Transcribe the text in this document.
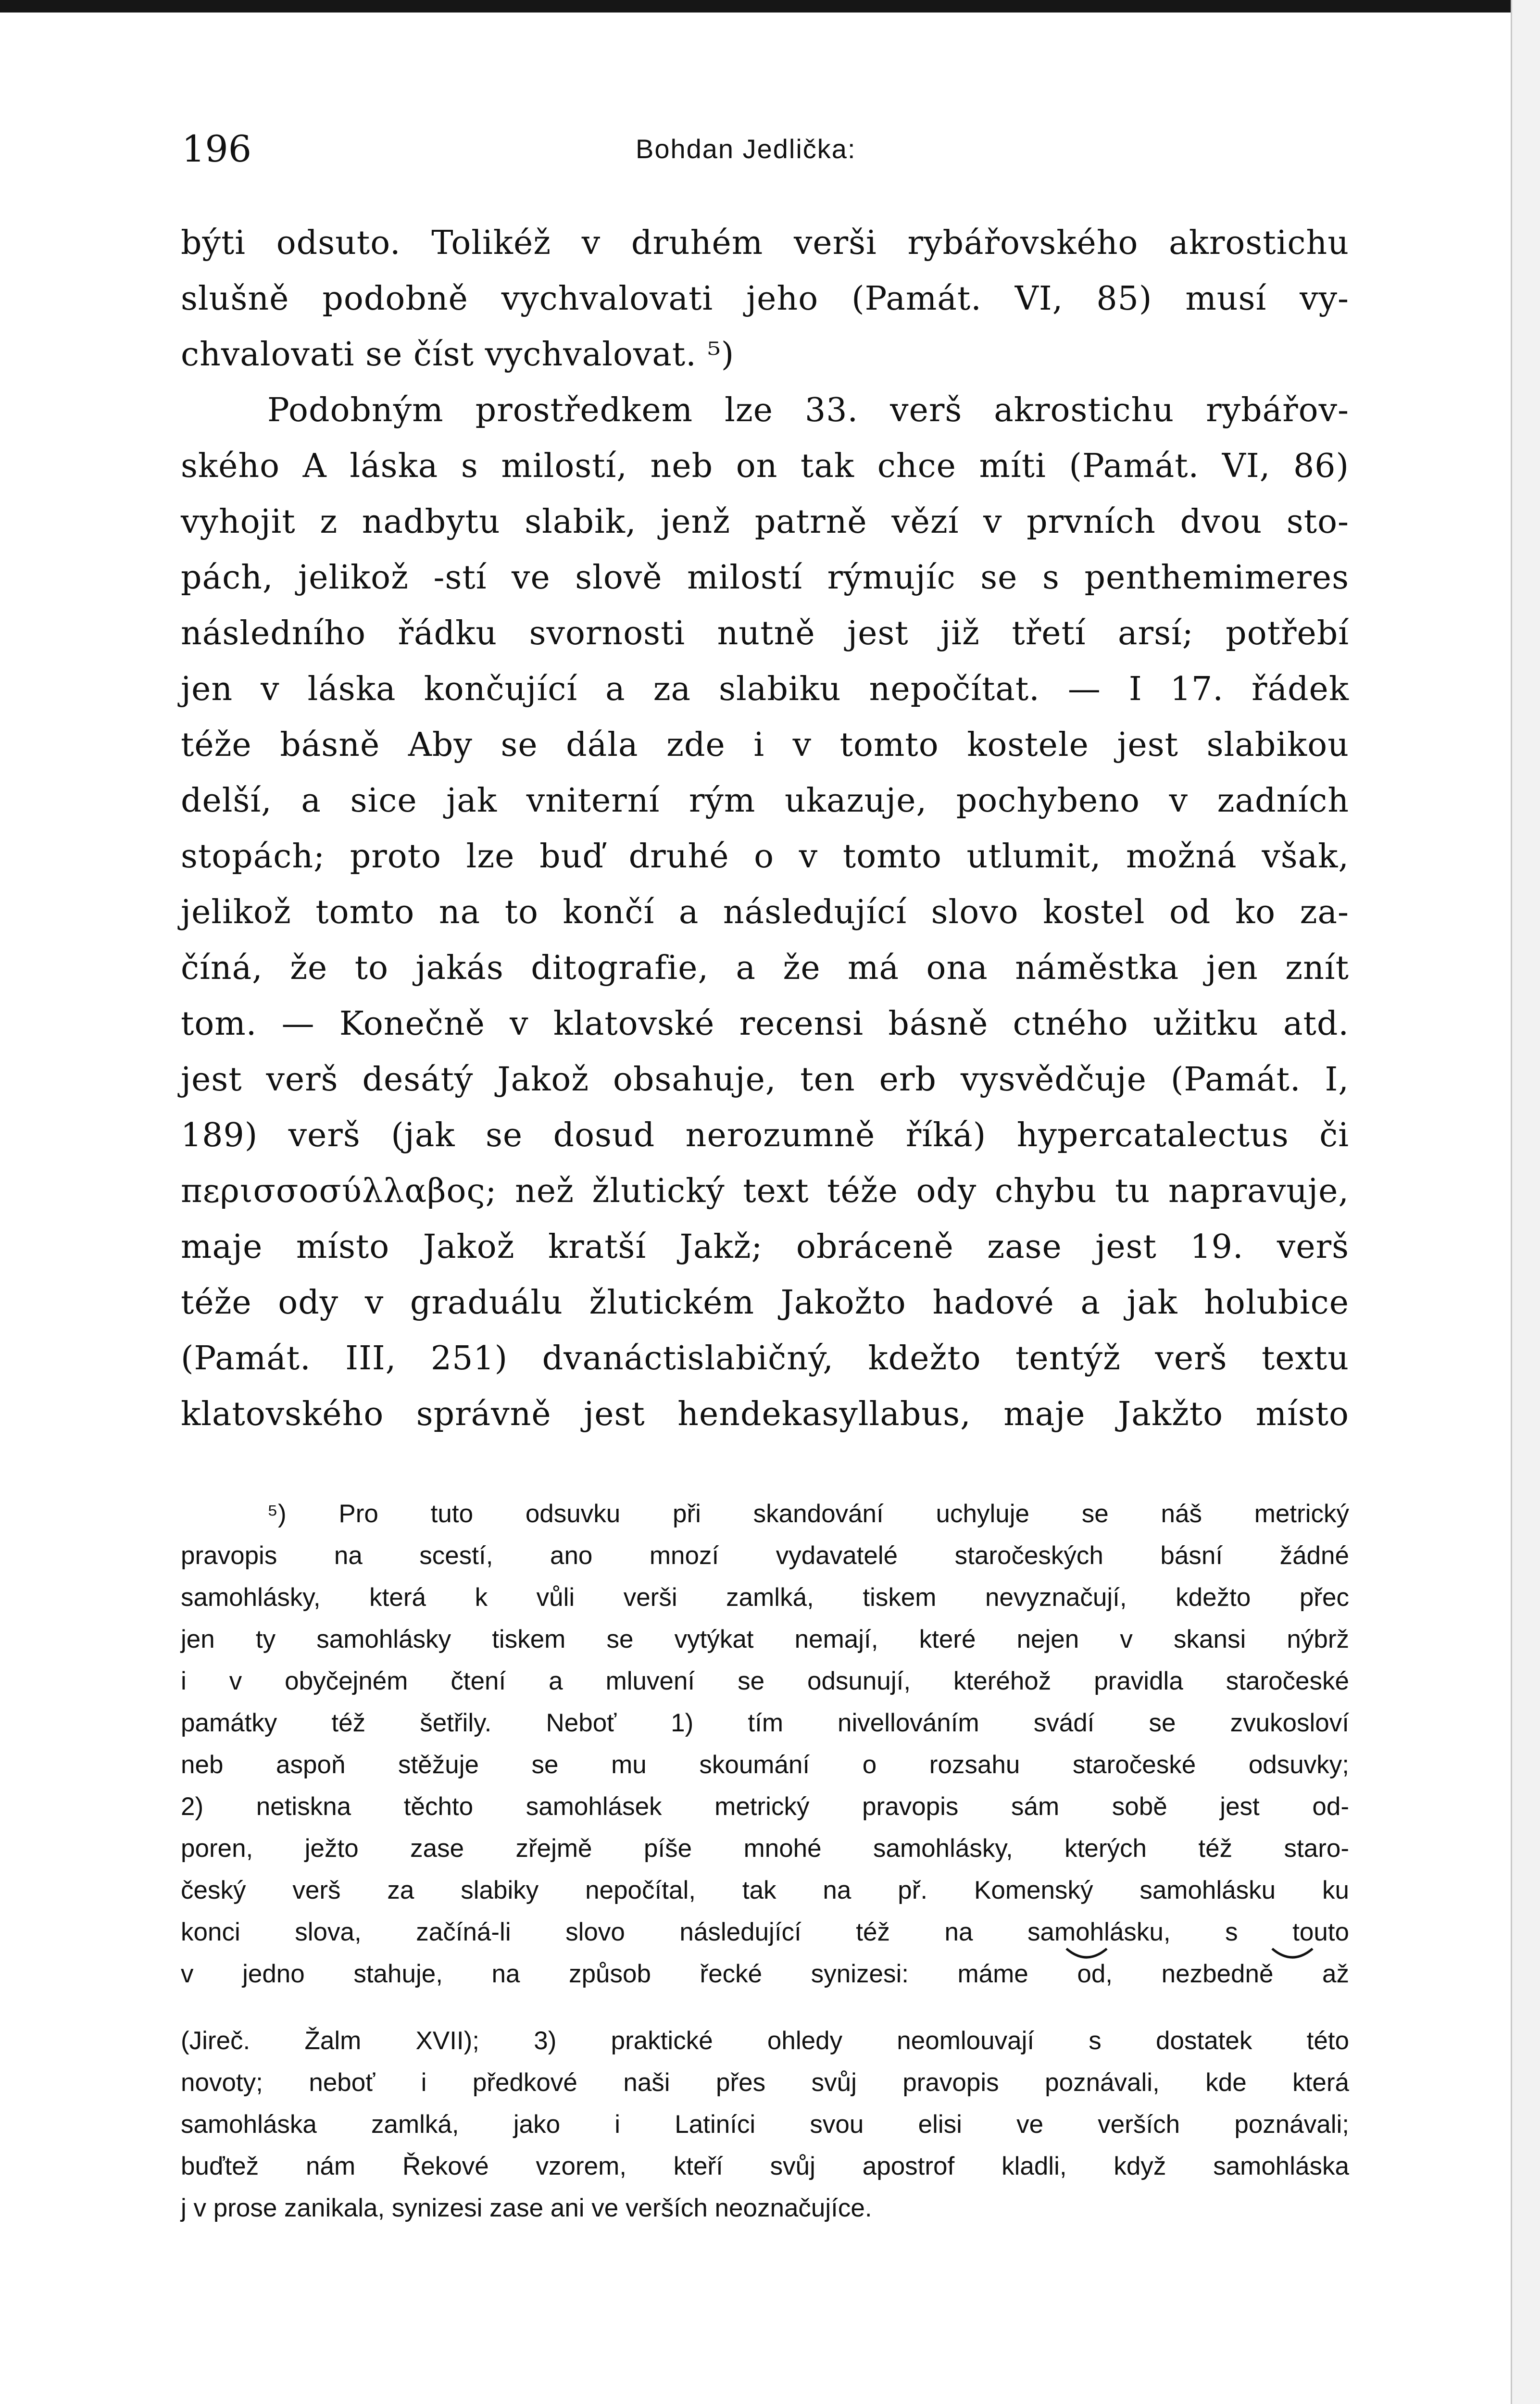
196	Bohdan Jedlička:
býti odsuto. Tolikéž v druhém verši rybářovského akrostichu
slušně podobně vychvalovati jeho (Památ. VI, 85) musí vy-
chvalovati se číst vychvalovat. ⁵)
Podobným prostředkem lze 33. verš akrostichu rybářov-
ského A láska s milostí, neb on tak chce míti (Památ. VI, 86)
vyhojit z nadbytu slabik, jenž patrně vězí v prvních dvou sto-
pách, jelikož -stí ve slově milostí rýmujíc se s penthemimeres
následního řádku svornosti nutně jest již třetí arsí; potřebí
jen v láska končující a za slabiku nepočítat. — I 17. řádek
téže básně Aby se dála zde i v tomto kostele jest slabikou
delší, a sice jak vniterní rým ukazuje, pochybeno v zadních
stopách; proto lze buď druhé o v tomto utlumit, možná však,
jelikož tomto na to končí a následující slovo kostel od ko za-
číná, že to jakás ditografie, a že má ona náměstka jen znít
tom. — Konečně v klatovské recensi básně ctného užitku atd.
jest verš desátý Jakož obsahuje, ten erb vysvědčuje (Památ. I,
189) verš (jak se dosud nerozumně říká) hypercatalectus či
περισσοσύλλαβος; než žlutický text téže ody chybu tu napravuje,
maje místo Jakož kratší Jakž; obráceně zase jest 19. verš
téže ody v graduálu žlutickém Jakožto hadové a jak holubice
(Památ. III, 251) dvanáctislabičný, kdežto tentýž verš textu
klatovského správně jest hendekasyllabus, maje Jakžto místo
⁵) Pro tuto odsuvku při skandování uchyluje se náš metrický
pravopis na scestí, ano mnozí vydavatelé staročeských básní žádné
samohlásky, která k vůli verši zamlká, tiskem nevyznačují, kdežto přec
jen ty samohlásky tiskem se vytýkat nemají, které nejen v skansi nýbrž
i v obyčejném čtení a mluvení se odsunují, kteréhož pravidla staročeské
památky též šetřily. Neboť 1) tím nivellováním svádí se zvukosloví
neb aspoň stěžuje se mu skoumání o rozsahu staročeské odsuvky;
2) netiskna těchto samohlásek metrický pravopis sám sobě jest od-
poren, ježto zase zřejmě píše mnohé samohlásky, kterých též staro-
český verš za slabiky nepočítal, tak na př. Komenský samohlásku ku
konci slova, začíná-li slovo následující též na samohlásku, s touto
v jedno stahuje, na způsob řecké synizesi: máme od, nezbedně až
(Jireč. Žalm XVII); 3) praktické ohledy neomlouvají s dostatek této
novoty; neboť i předkové naši přes svůj pravopis poznávali, kde která
samohláska zamlká, jako i Latiníci svou elisi ve verších poznávali;
buďtež nám Řekové vzorem, kteří svůj apostrof kladli, když samohláska
j v prose zanikala, synizesi zase ani ve verších neoznačujíce.
